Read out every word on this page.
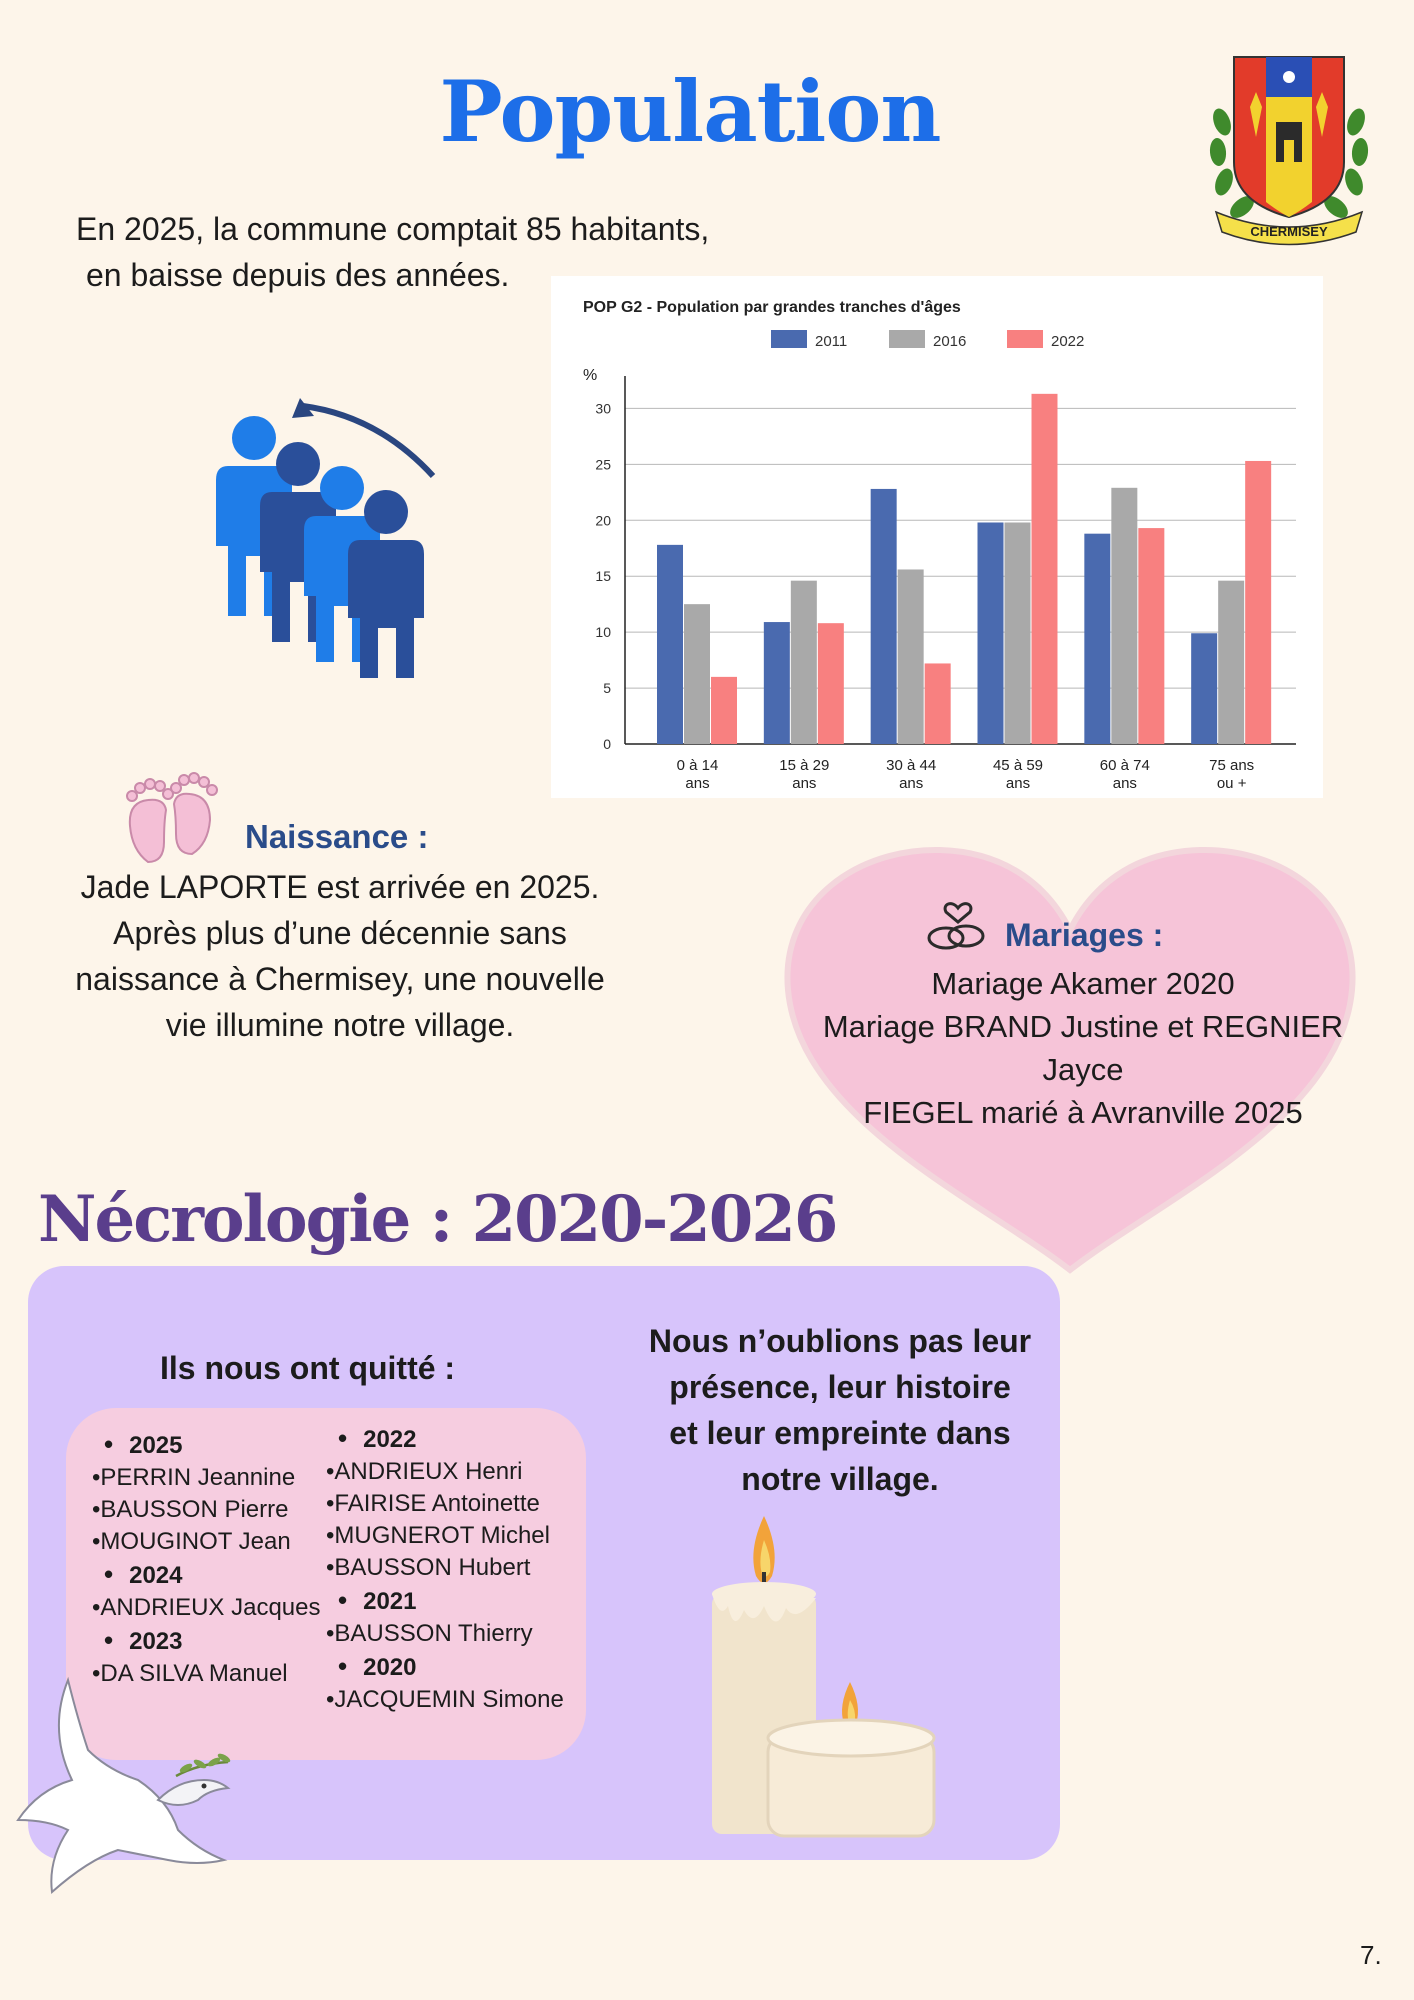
Population
CHERMISEY
En 2025, la commune comptait 85 habitants,
en baisse depuis des années.
POP G2 - Population par grandes tranches d'âges
%
2011	2016	2022
0
5
10
15
20
25
30
0 à 14
ans
15 à 29
ans
30 à 44
ans
45 à 59
ans
60 à 74
ans
75 ans
ou +
Naissance :
Jade LAPORTE est arrivée en 2025.
Après plus d’une décennie sans
naissance à Chermisey, une nouvelle
vie illumine notre village.
Mariages :
Mariage Akamer 2020
Mariage BRAND Justine et REGNIER
Jayce
FIEGEL marié à Avranville 2025
Nécrologie : 2020-2026
Ils nous ont quitté :
• 2025
• PERRIN Jeannine
• BAUSSON Pierre
• MOUGINOT Jean
• 2024
• ANDRIEUX Jacques
• 2023
• DA SILVA Manuel
• 2022
• ANDRIEUX Henri
• FAIRISE Antoinette
• MUGNEROT Michel
• BAUSSON Hubert
• 2021
• BAUSSON Thierry
• 2020
• JACQUEMIN Simone
Nous n’oublions pas leur
présence, leur histoire
et leur empreinte dans
notre village.
7.
